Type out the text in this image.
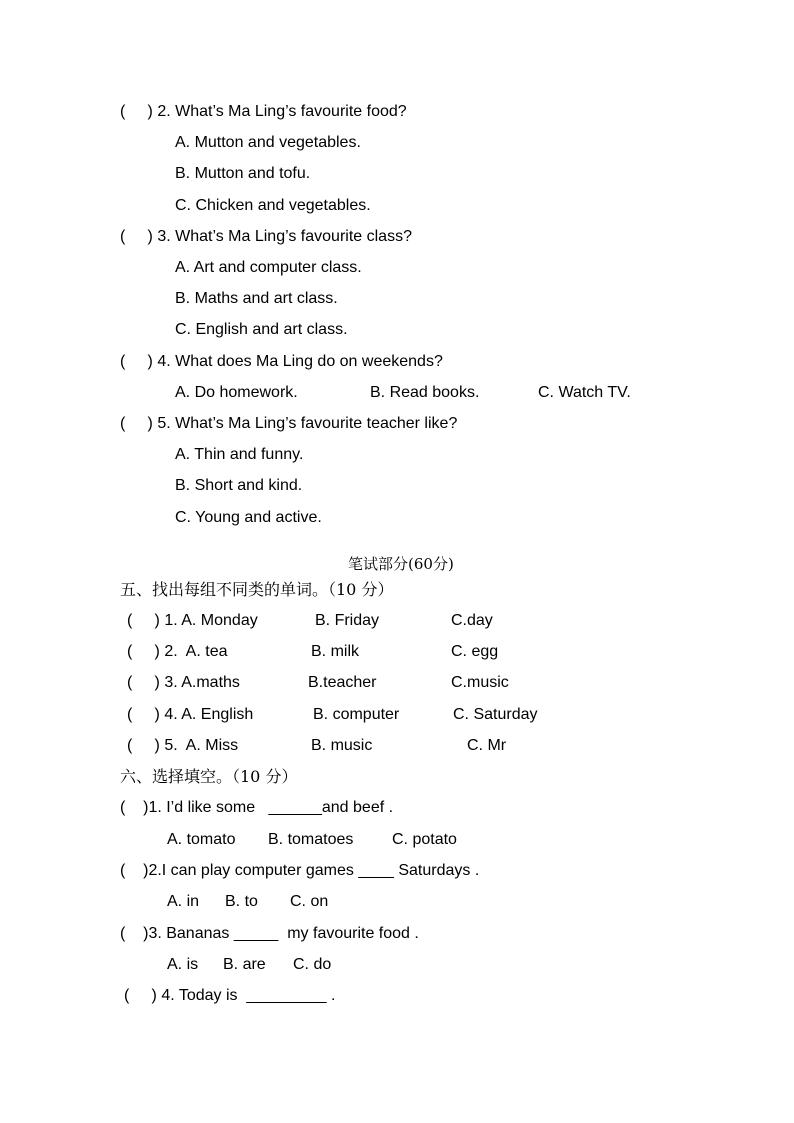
(     ) 2. What’s Ma Ling’s favourite food?
A. Mutton and vegetables.
B. Mutton and tofu.
C. Chicken and vegetables.
(     ) 3. What’s Ma Ling’s favourite class?
A. Art and computer class.
B. Maths and art class.
C. English and art class.
(     ) 4. What does Ma Ling do on weekends?
A. Do homework.	B. Read books.	C. Watch TV.
(     ) 5. What’s Ma Ling’s favourite teacher like?
A. Thin and funny.
B. Short and kind.
C. Young and active.
笔试部分(60分)
五、找出每组不同类的单词。（10 分）
(     ) 1. A. Monday	B. Friday	C.day
(     ) 2.  A. tea	B. milk	C. egg
(     ) 3. A.maths	B.teacher	C.music
(     ) 4. A. English	B. computer	C. Saturday
(     ) 5.  A. Miss	B. music	C. Mr
六、选择填空。（10 分）
(    )1. I’d like some   ______and beef .
A. tomato B. tomatoes C. potato
(    )2.I can play computer games ____ Saturdays .
A. in B. to C. on
(    )3. Bananas _____  my favourite food .
A. is B. are C. do
(     ) 4. Today is  _________ .
